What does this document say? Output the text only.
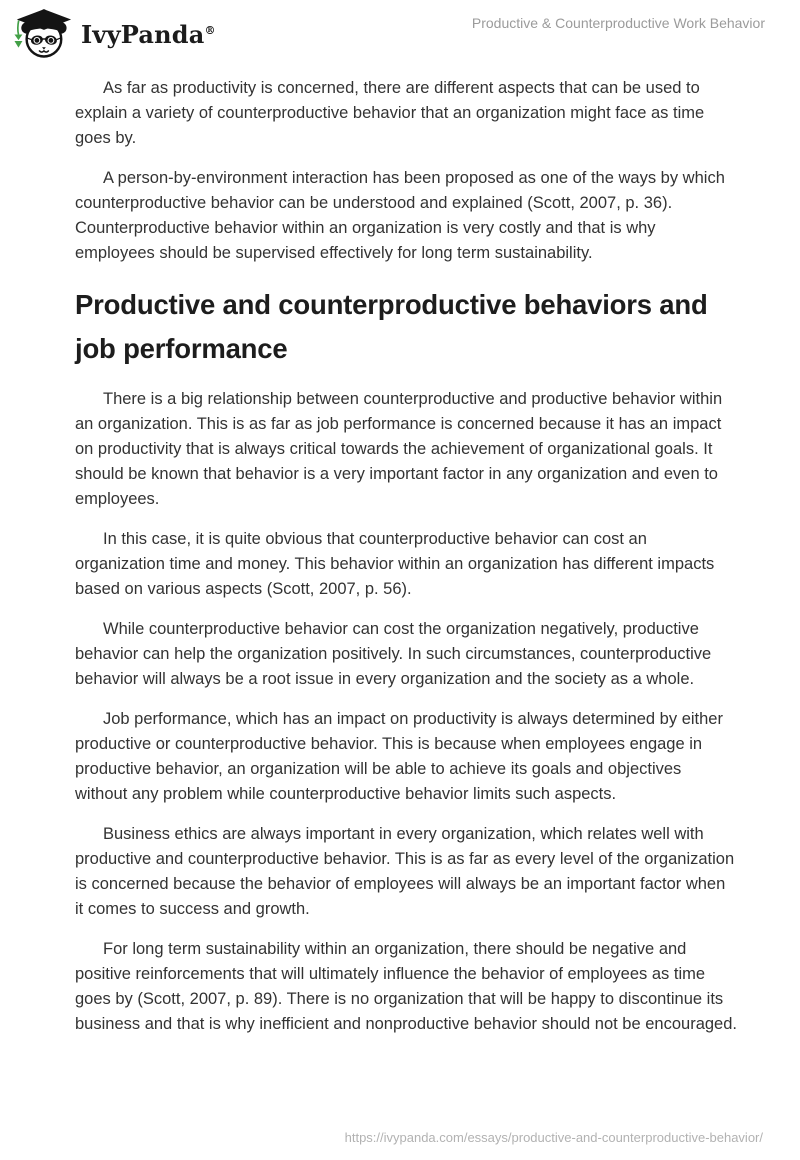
IvyPanda®	Productive & Counterproductive Work Behavior

As far as productivity is concerned, there are different aspects that can be used to explain a variety of counterproductive behavior that an organization might face as time goes by.

A person-by-environment interaction has been proposed as one of the ways by which counterproductive behavior can be understood and explained (Scott, 2007, p. 36). Counterproductive behavior within an organization is very costly and that is why employees should be supervised effectively for long term sustainability.

Productive and counterproductive behaviors and job performance

There is a big relationship between counterproductive and productive behavior within an organization. This is as far as job performance is concerned because it has an impact on productivity that is always critical towards the achievement of organizational goals. It should be known that behavior is a very important factor in any organization and even to employees.

In this case, it is quite obvious that counterproductive behavior can cost an organization time and money. This behavior within an organization has different impacts based on various aspects (Scott, 2007, p. 56).

While counterproductive behavior can cost the organization negatively, productive behavior can help the organization positively. In such circumstances, counterproductive behavior will always be a root issue in every organization and the society as a whole.

Job performance, which has an impact on productivity is always determined by either productive or counterproductive behavior. This is because when employees engage in productive behavior, an organization will be able to achieve its goals and objectives without any problem while counterproductive behavior limits such aspects.

Business ethics are always important in every organization, which relates well with productive and counterproductive behavior. This is as far as every level of the organization is concerned because the behavior of employees will always be an important factor when it comes to success and growth.

For long term sustainability within an organization, there should be negative and positive reinforcements that will ultimately influence the behavior of employees as time goes by (Scott, 2007, p. 89). There is no organization that will be happy to discontinue its business and that is why inefficient and nonproductive behavior should not be encouraged.

https://ivypanda.com/essays/productive-and-counterproductive-behavior/
